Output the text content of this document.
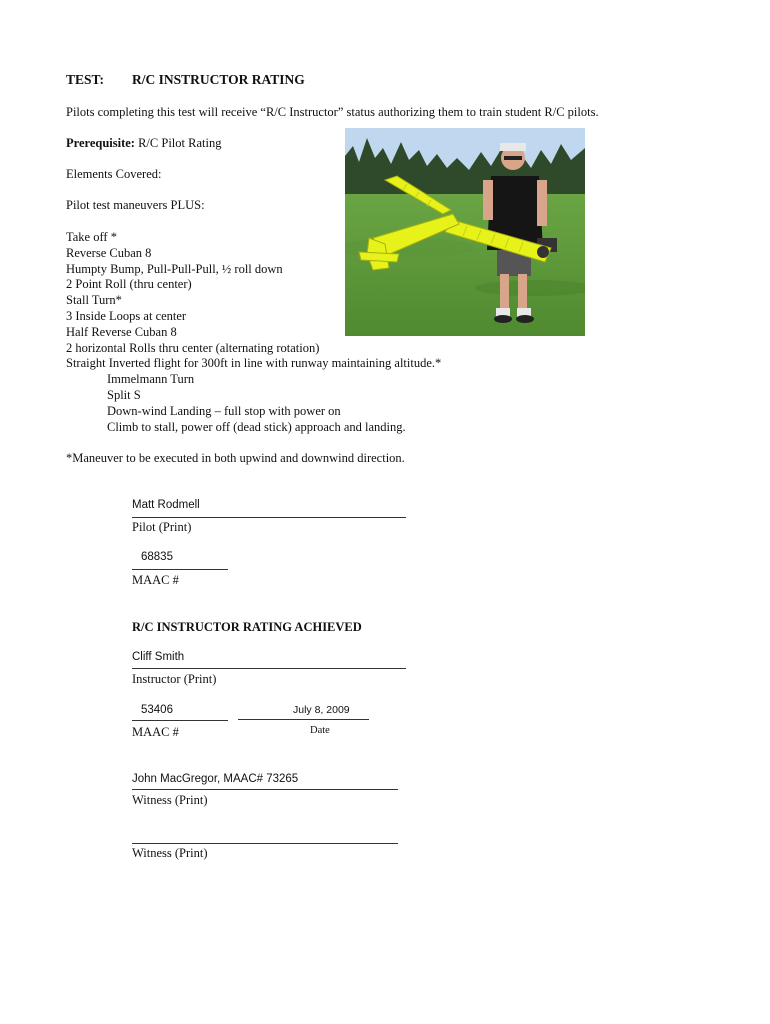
TEST: R/C INSTRUCTOR RATING
Pilots completing this test will receive “R/C Instructor” status authorizing them to train student R/C pilots.
Prerequisite: R/C Pilot Rating
Elements Covered:
Pilot test maneuvers PLUS:
Take off *
Reverse Cuban 8
Humpty Bump, Pull-Pull-Pull, ½ roll down
2 Point Roll (thru center)
Stall Turn*
3 Inside Loops at center
Half Reverse Cuban 8
2 horizontal Rolls thru center (alternating rotation)
Straight Inverted flight for 300ft in line with runway maintaining altitude.*
Immelmann Turn
Split S
Down-wind Landing – full stop with power on
Climb to stall, power off (dead stick) approach and landing.
*Maneuver to be executed in both upwind and downwind direction.
Matt Rodmell
Pilot (Print)
68835
MAAC #
R/C INSTRUCTOR RATING ACHIEVED
Cliff Smith
Instructor (Print)
53406
MAAC #
July 8, 2009
Date
John MacGregor, MAAC# 73265
Witness (Print)
Witness (Print)
